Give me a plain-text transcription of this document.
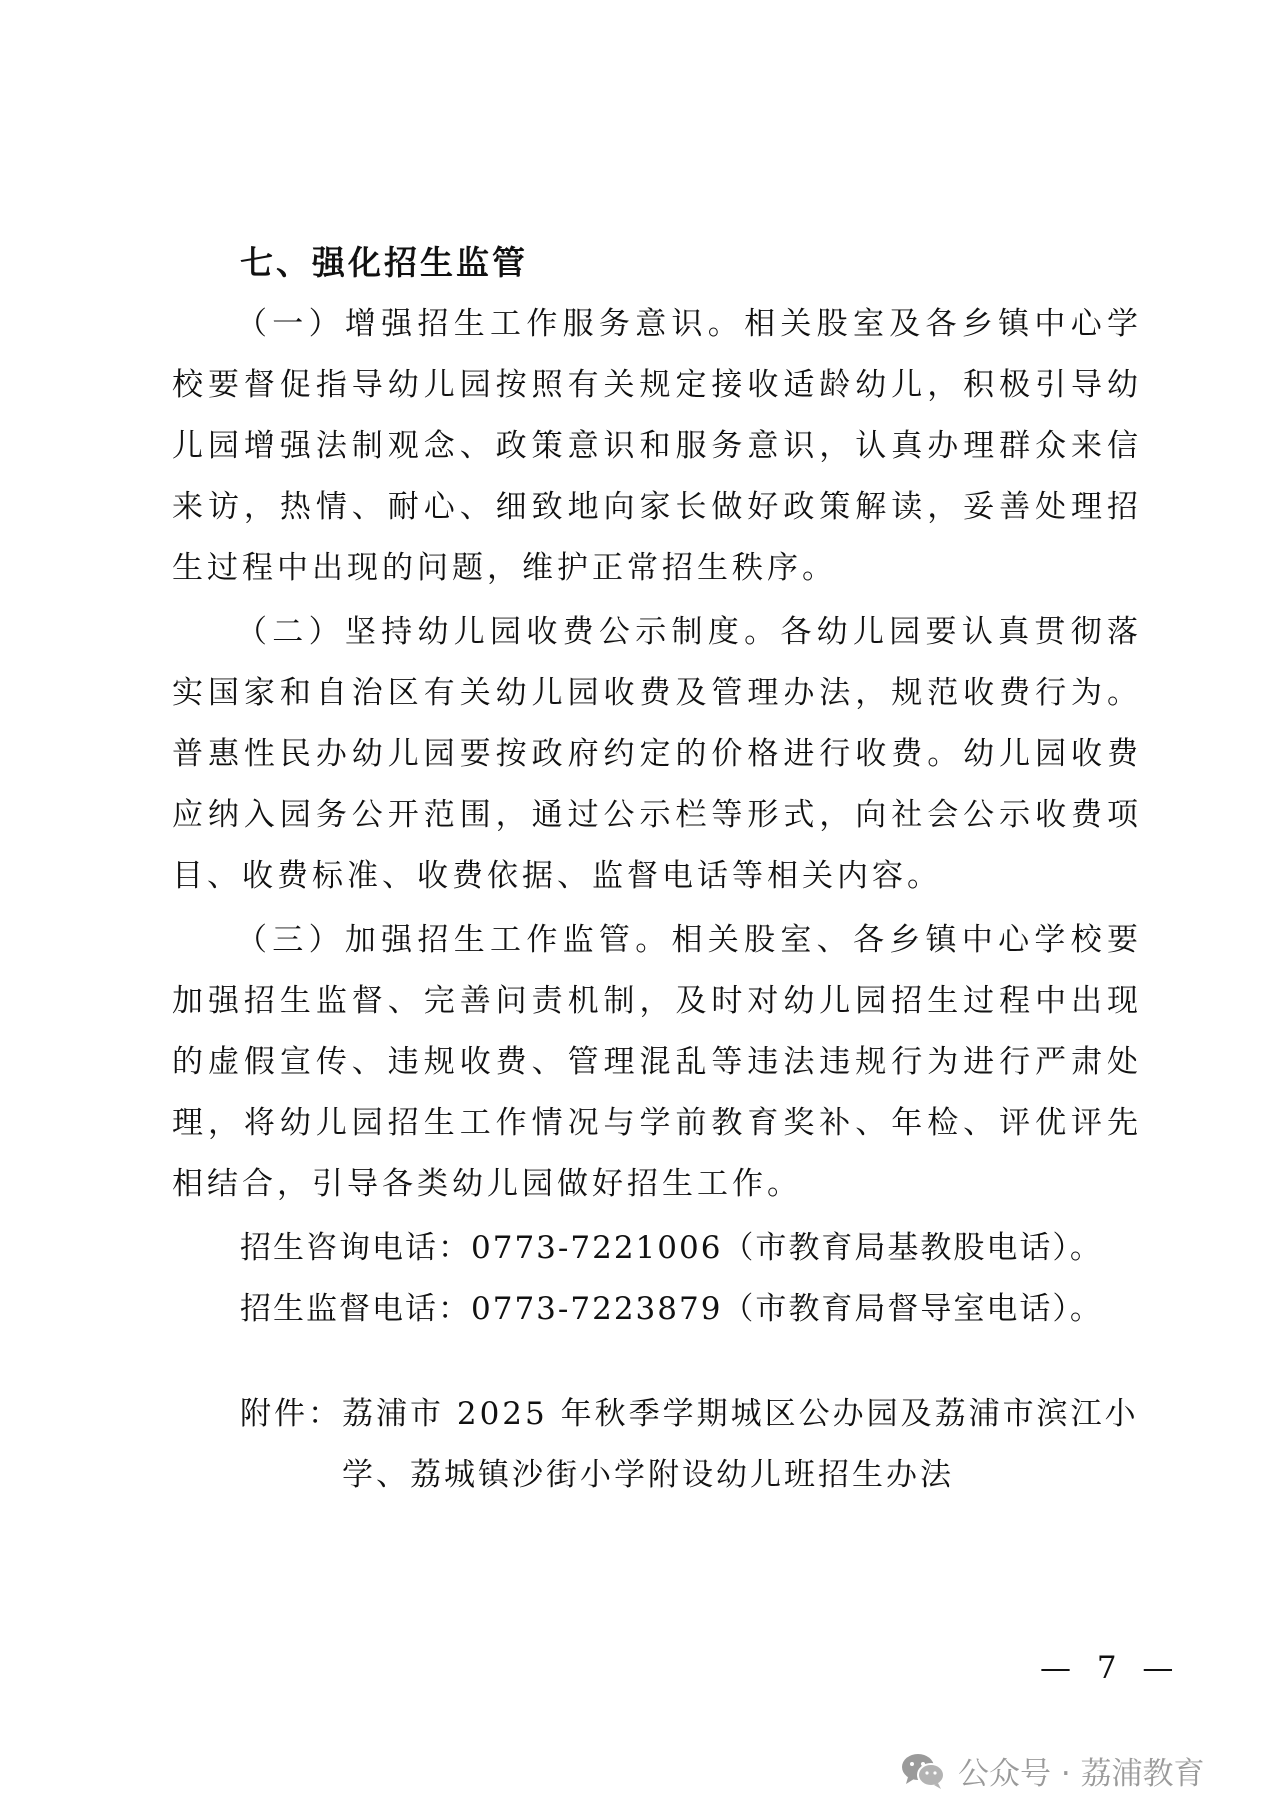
七、强化招生监管

（一）增强招生工作服务意识。相关股室及各乡镇中心学校要督促指导幼儿园按照有关规定接收适龄幼儿，积极引导幼儿园增强法制观念、政策意识和服务意识，认真办理群众来信来访，热情、耐心、细致地向家长做好政策解读，妥善处理招生过程中出现的问题，维护正常招生秩序。

（二）坚持幼儿园收费公示制度。各幼儿园要认真贯彻落实国家和自治区有关幼儿园收费及管理办法，规范收费行为。普惠性民办幼儿园要按政府约定的价格进行收费。幼儿园收费应纳入园务公开范围，通过公示栏等形式，向社会公示收费项目、收费标准、收费依据、监督电话等相关内容。

（三）加强招生工作监管。相关股室、各乡镇中心学校要加强招生监督、完善问责机制，及时对幼儿园招生过程中出现的虚假宣传、违规收费、管理混乱等违法违规行为进行严肃处理，将幼儿园招生工作情况与学前教育奖补、年检、评优评先相结合，引导各类幼儿园做好招生工作。

招生咨询电话：0773-7221006（市教育局基教股电话）。

招生监督电话：0773-7223879（市教育局督导室电话）。

附件： 荔浦市 2025 年秋季学期城区公办园及荔浦市滨江小学、荔城镇沙街小学附设幼儿班招生办法

— 7 —

公众号 · 荔浦教育
